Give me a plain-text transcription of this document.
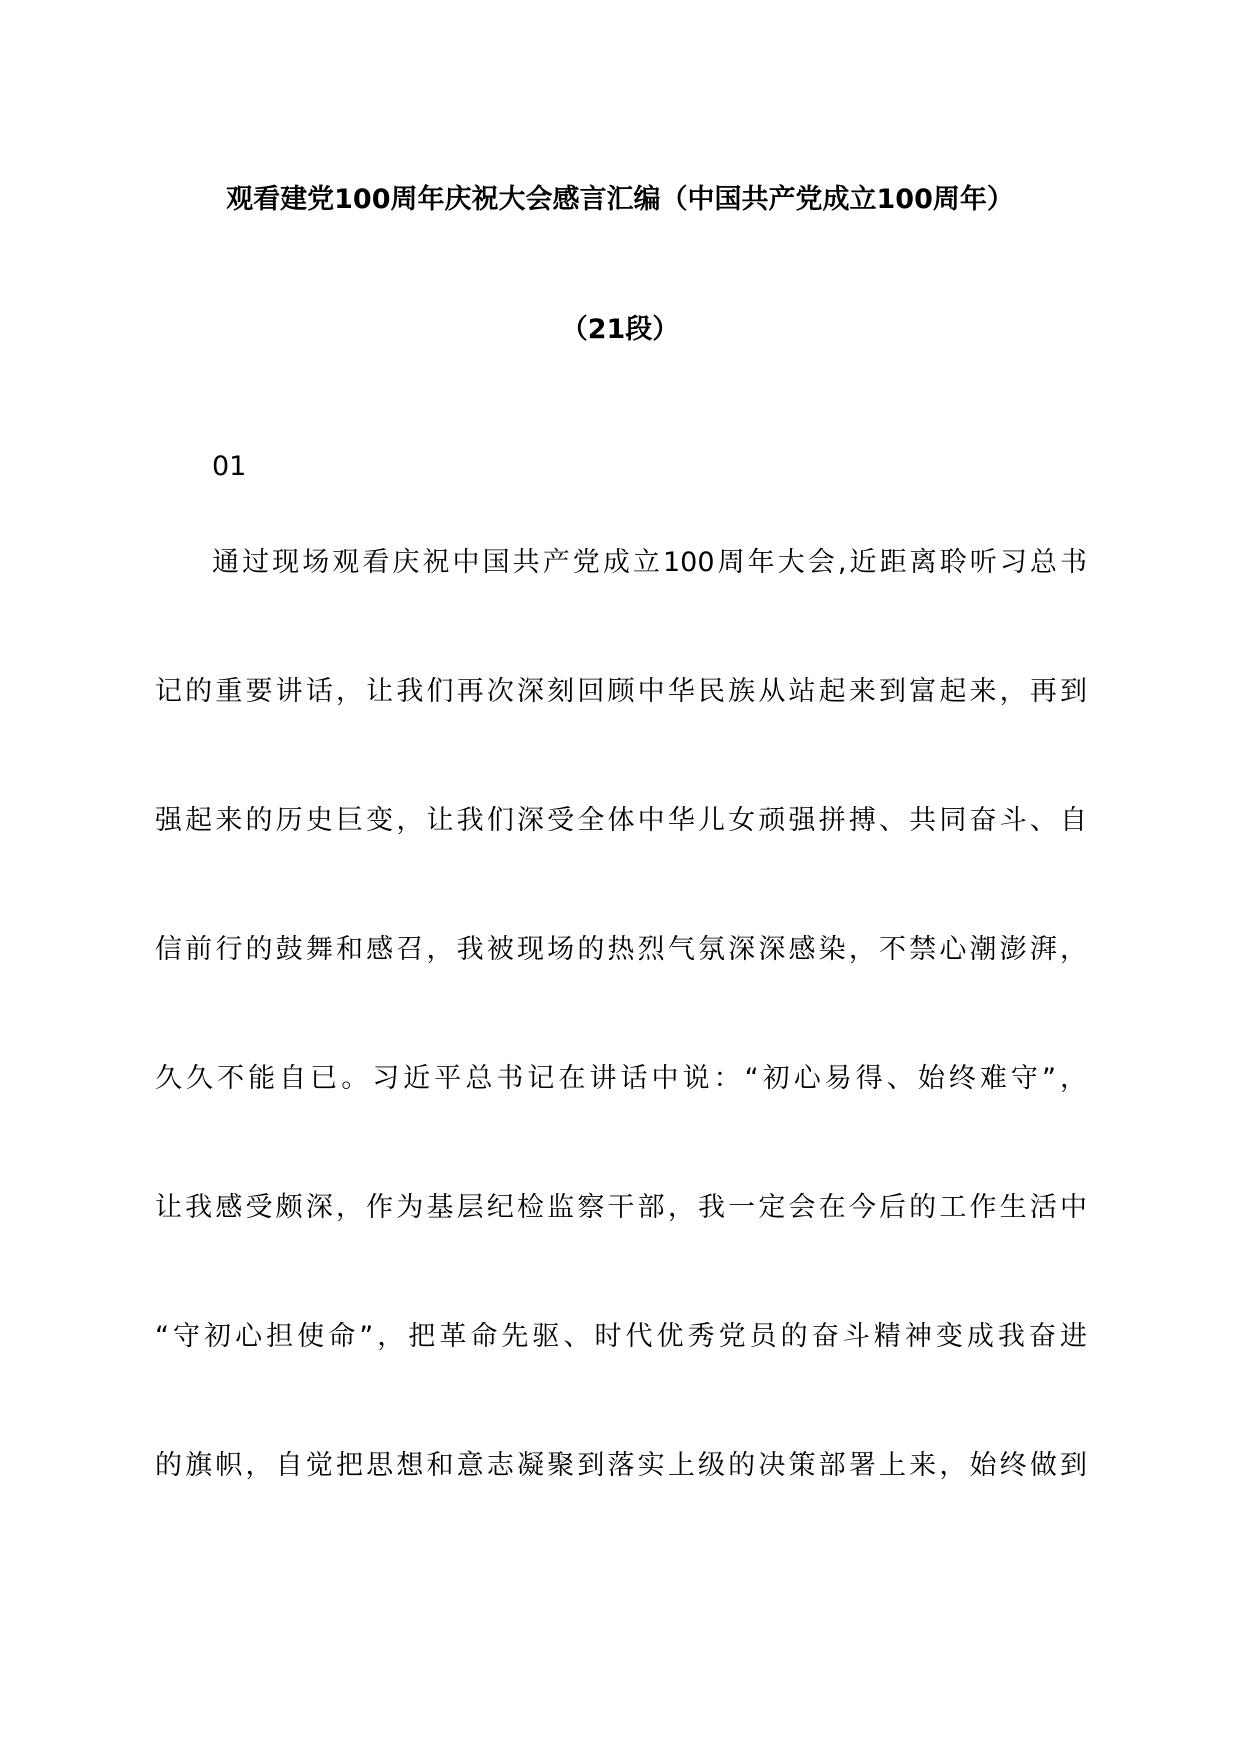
观看建党100周年庆祝大会感言汇编（中国共产党成立100周年）
（21段）
01
通过现场观看庆祝中国共产党成立100周年大会,近距离聆听习总书
记的重要讲话，让我们再次深刻回顾中华民族从站起来到富起来，再到
强起来的历史巨变，让我们深受全体中华儿女顽强拼搏、共同奋斗、自
信前行的鼓舞和感召，我被现场的热烈气氛深深感染，不禁心潮澎湃，
久久不能自已。习近平总书记在讲话中说：“初心易得、始终难守”，
让我感受颇深，作为基层纪检监察干部，我一定会在今后的工作生活中
“守初心担使命”，把革命先驱、时代优秀党员的奋斗精神变成我奋进
的旗帜，自觉把思想和意志凝聚到落实上级的决策部署上来，始终做到
